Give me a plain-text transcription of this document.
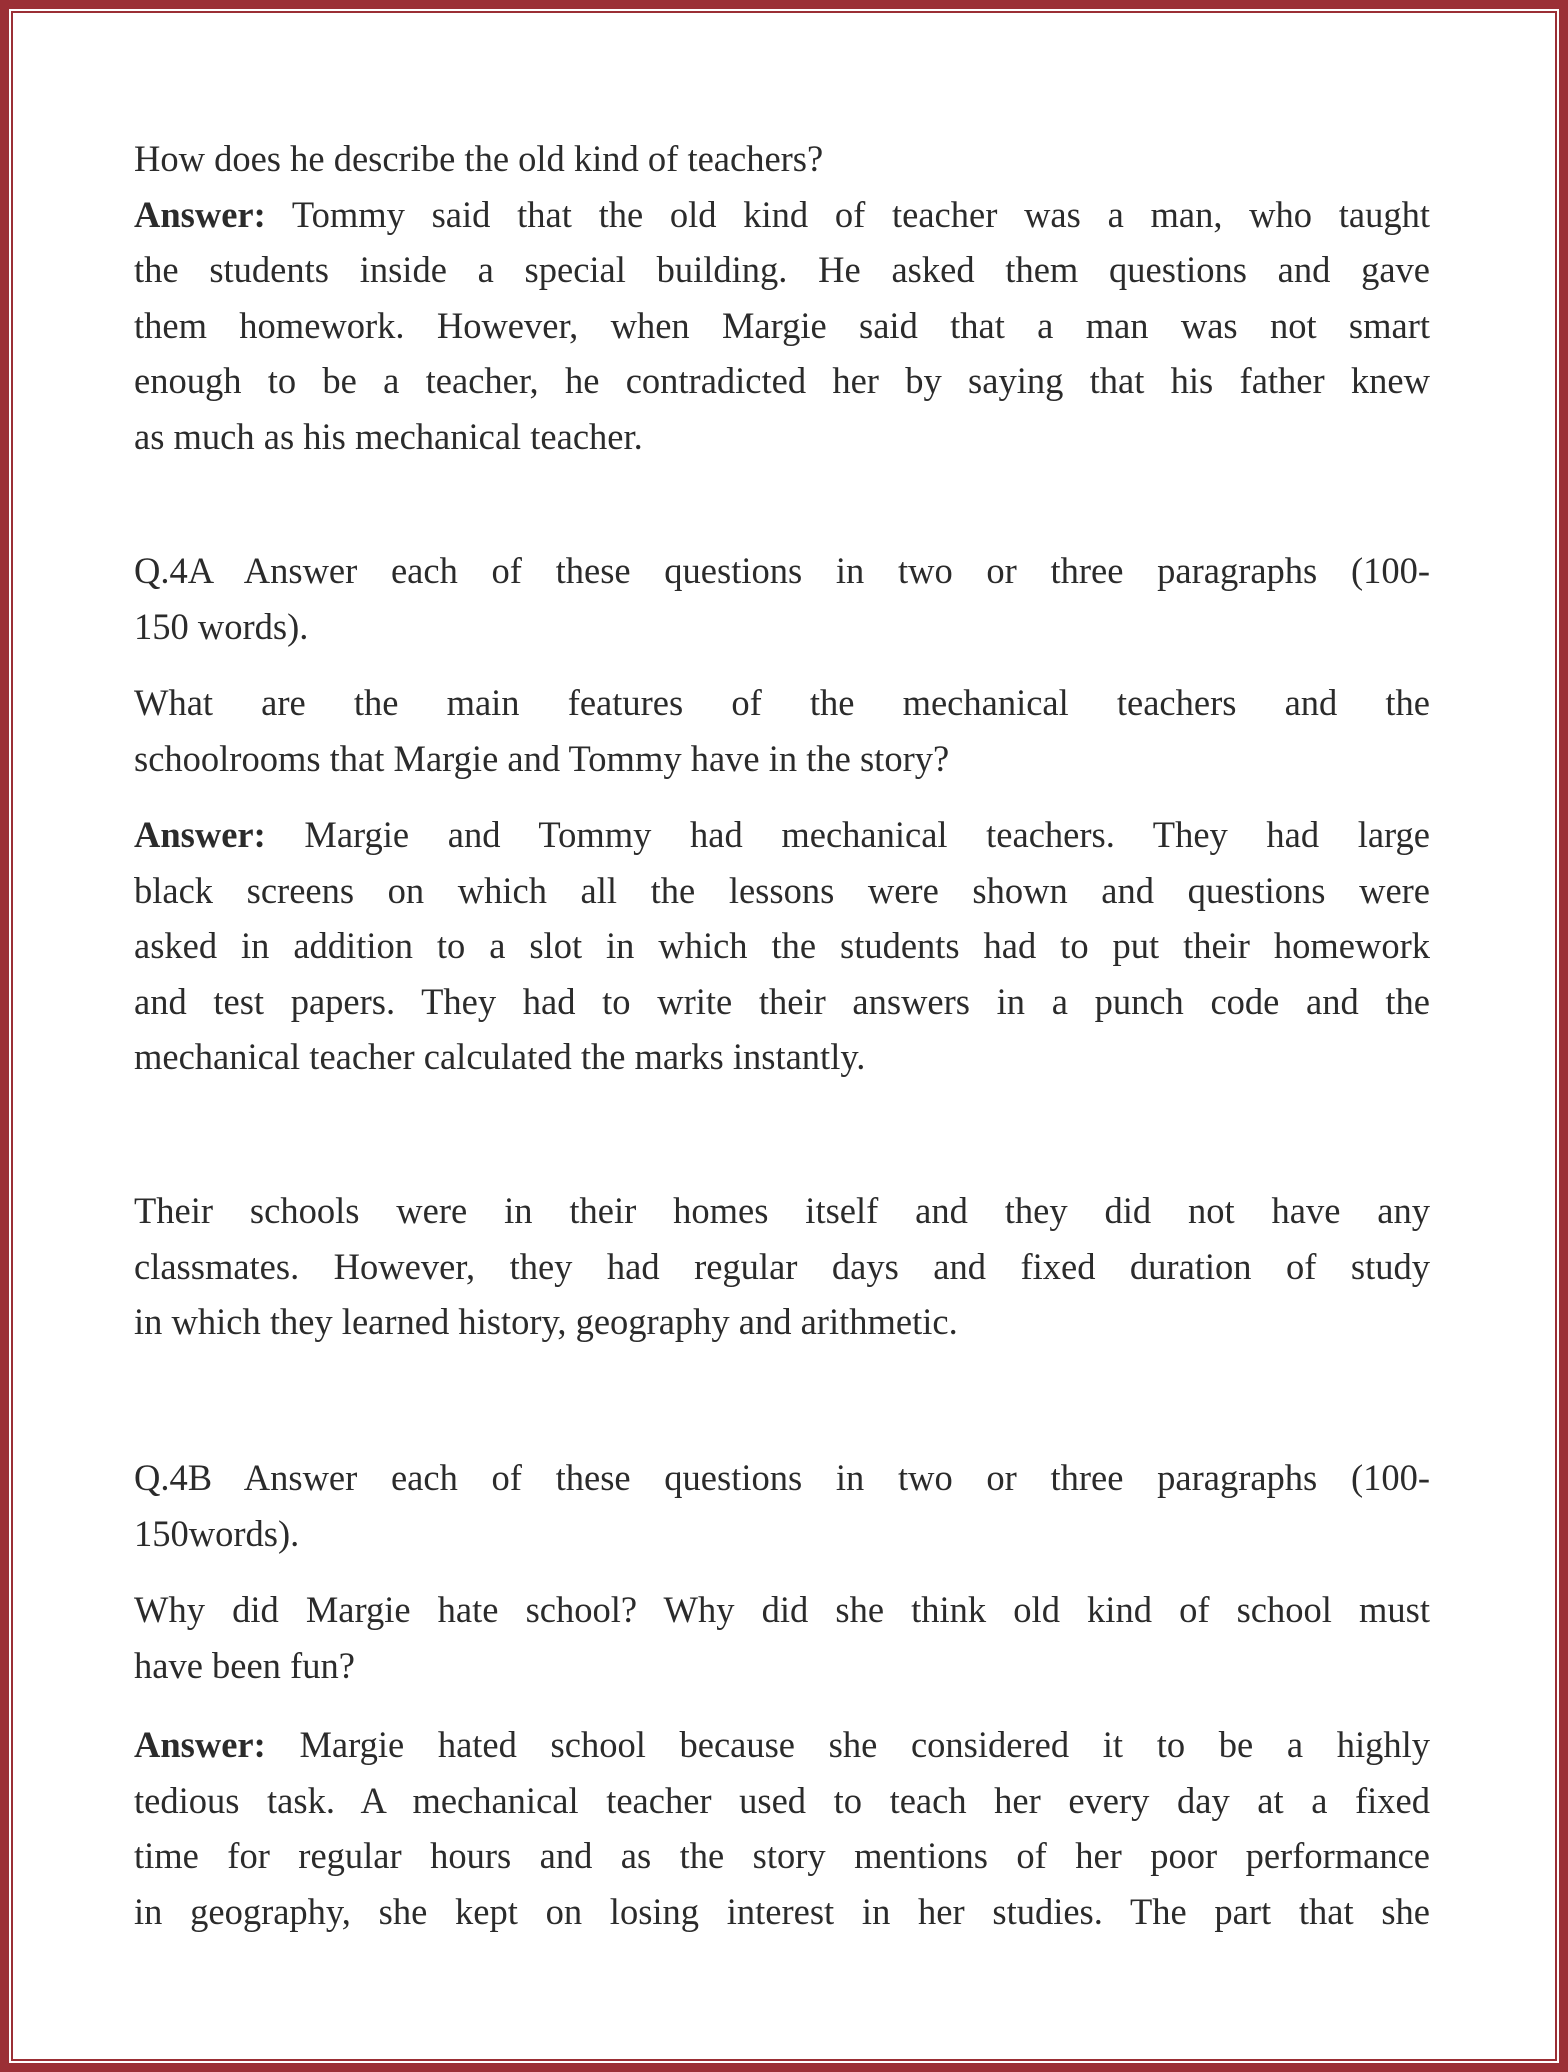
How does he describe the old kind of teachers?
Answer: Tommy said that the old kind of teacher was a man, who taught
the students inside a special building. He asked them questions and gave
them homework. However, when Margie said that a man was not smart
enough to be a teacher, he contradicted her by saying that his father knew
as much as his mechanical teacher.
Q.4A Answer each of these questions in two or three paragraphs (100-
150 words).
What are the main features of the mechanical teachers and the
schoolrooms that Margie and Tommy have in the story?
Answer: Margie and Tommy had mechanical teachers. They had large
black screens on which all the lessons were shown and questions were
asked in addition to a slot in which the students had to put their homework
and test papers. They had to write their answers in a punch code and the
mechanical teacher calculated the marks instantly.
Their schools were in their homes itself and they did not have any
classmates. However, they had regular days and fixed duration of study
in which they learned history, geography and arithmetic.
Q.4B Answer each of these questions in two or three paragraphs (100-
150words).
Why did Margie hate school? Why did she think old kind of school must
have been fun?
Answer: Margie hated school because she considered it to be a highly
tedious task. A mechanical teacher used to teach her every day at a fixed
time for regular hours and as the story mentions of her poor performance
in geography, she kept on losing interest in her studies. The part that she
